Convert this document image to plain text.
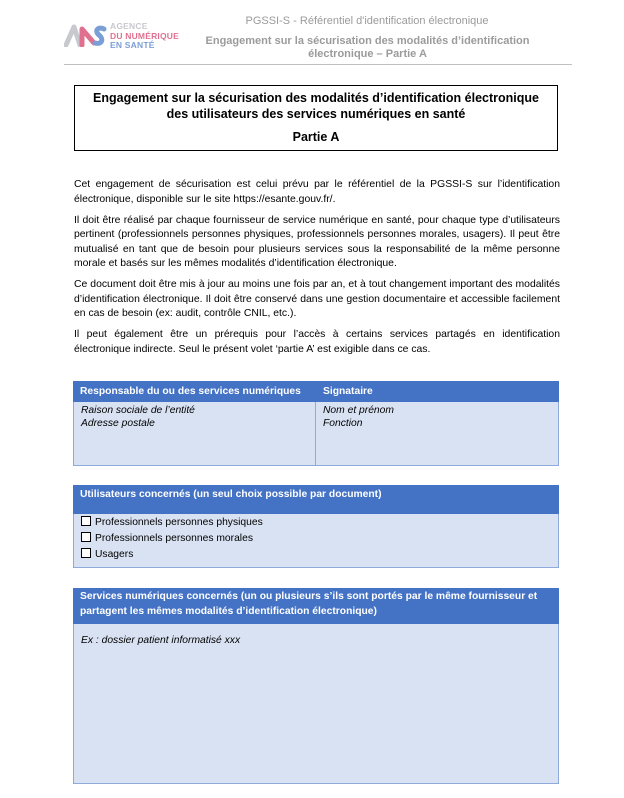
AGENCE
DU NUMÉRIQUE
EN SANTÉ
PGSSI-S - Référentiel d'identification électronique
Engagement sur la sécurisation des modalités d’identification électronique – Partie A
Engagement sur la sécurisation des modalités d’identification électronique
des utilisateurs des services numériques en santé
Partie A

Cet engagement de sécurisation est celui prévu par le référentiel de la PGSSI-S sur l’identification électronique, disponible sur le site https://esante.gouv.fr/.

Il doit être réalisé par chaque fournisseur de service numérique en santé, pour chaque type d’utilisateurs pertinent (professionnels personnes physiques, professionnels personnes morales, usagers). Il peut être mutualisé en tant que de besoin pour plusieurs services sous la responsabilité de la même personne morale et basés sur les mêmes modalités d’identification électronique.

Ce document doit être mis à jour au moins une fois par an, et à tout changement important des modalités d’identification électronique. Il doit être conservé dans une gestion documentaire et accessible facilement en cas de besoin (ex: audit, contrôle CNIL, etc.).

Il peut également être un prérequis pour l’accès à certains services partagés en identification électronique indirecte. Seul le présent volet ‘partie A’ est exigible dans ce cas.

Responsable du ou des services numériques	Signataire
Raison sociale de l’entité
Adresse postale
Nom et prénom
Fonction
Utilisateurs concernés (un seul choix possible par document)
Professionnels personnes physiques
Professionnels personnes morales
Usagers
Services numériques concernés (un ou plusieurs s’ils sont portés par le même fournisseur et partagent les mêmes modalités d’identification électronique)
Ex : dossier patient informatisé xxx
